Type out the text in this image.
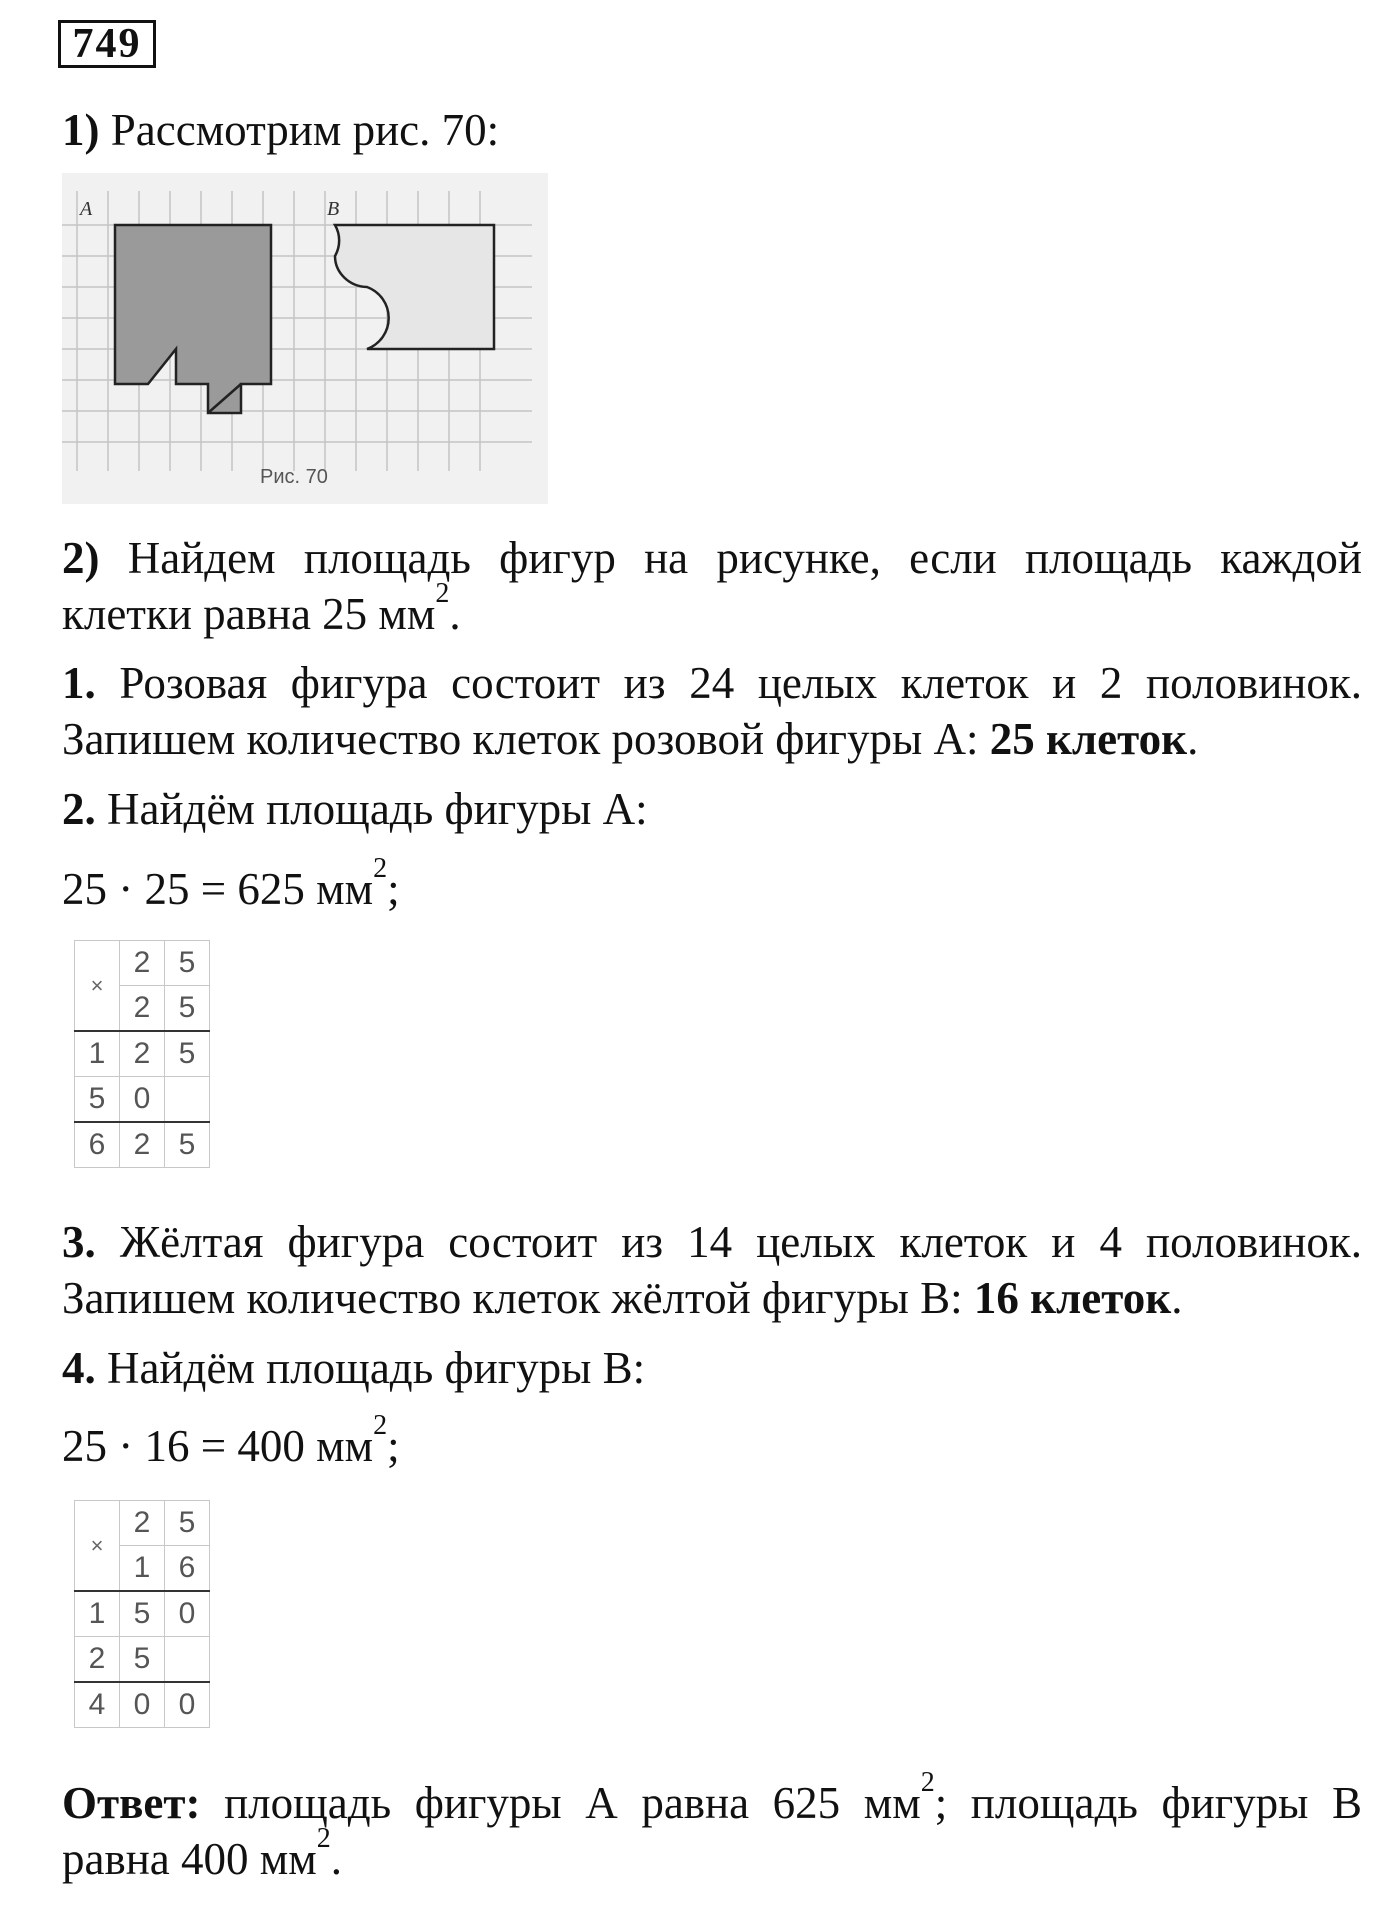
749

1) Рассмотрим рис. 70:

A	B
Рис. 70

2) Найдем площадь фигур на рисунке, если площадь каждой клетки равна 25 $мм^2$.

1. Розовая фигура состоит из 24 целых клеток и 2 половинок. Запишем количество клеток розовой фигуры А: 25 клеток.

2. Найдём площадь фигуры А:

25 · 25 = 625 $мм^2$;

×	2	5
	2	5
1	2	5
5	0	
6	2	5

3. Жёлтая фигура состоит из 14 целых клеток и 4 половинок. Запишем количество клеток жёлтой фигуры В: 16 клеток.

4. Найдём площадь фигуры В:

25 · 16 = 400 $мм^2$;

×	2	5
	1	6
1	5	0
2	5	
4	0	0

Ответ: площадь фигуры А равна 625 $мм^2$; площадь фигуры В равна 400 $мм^2$.
